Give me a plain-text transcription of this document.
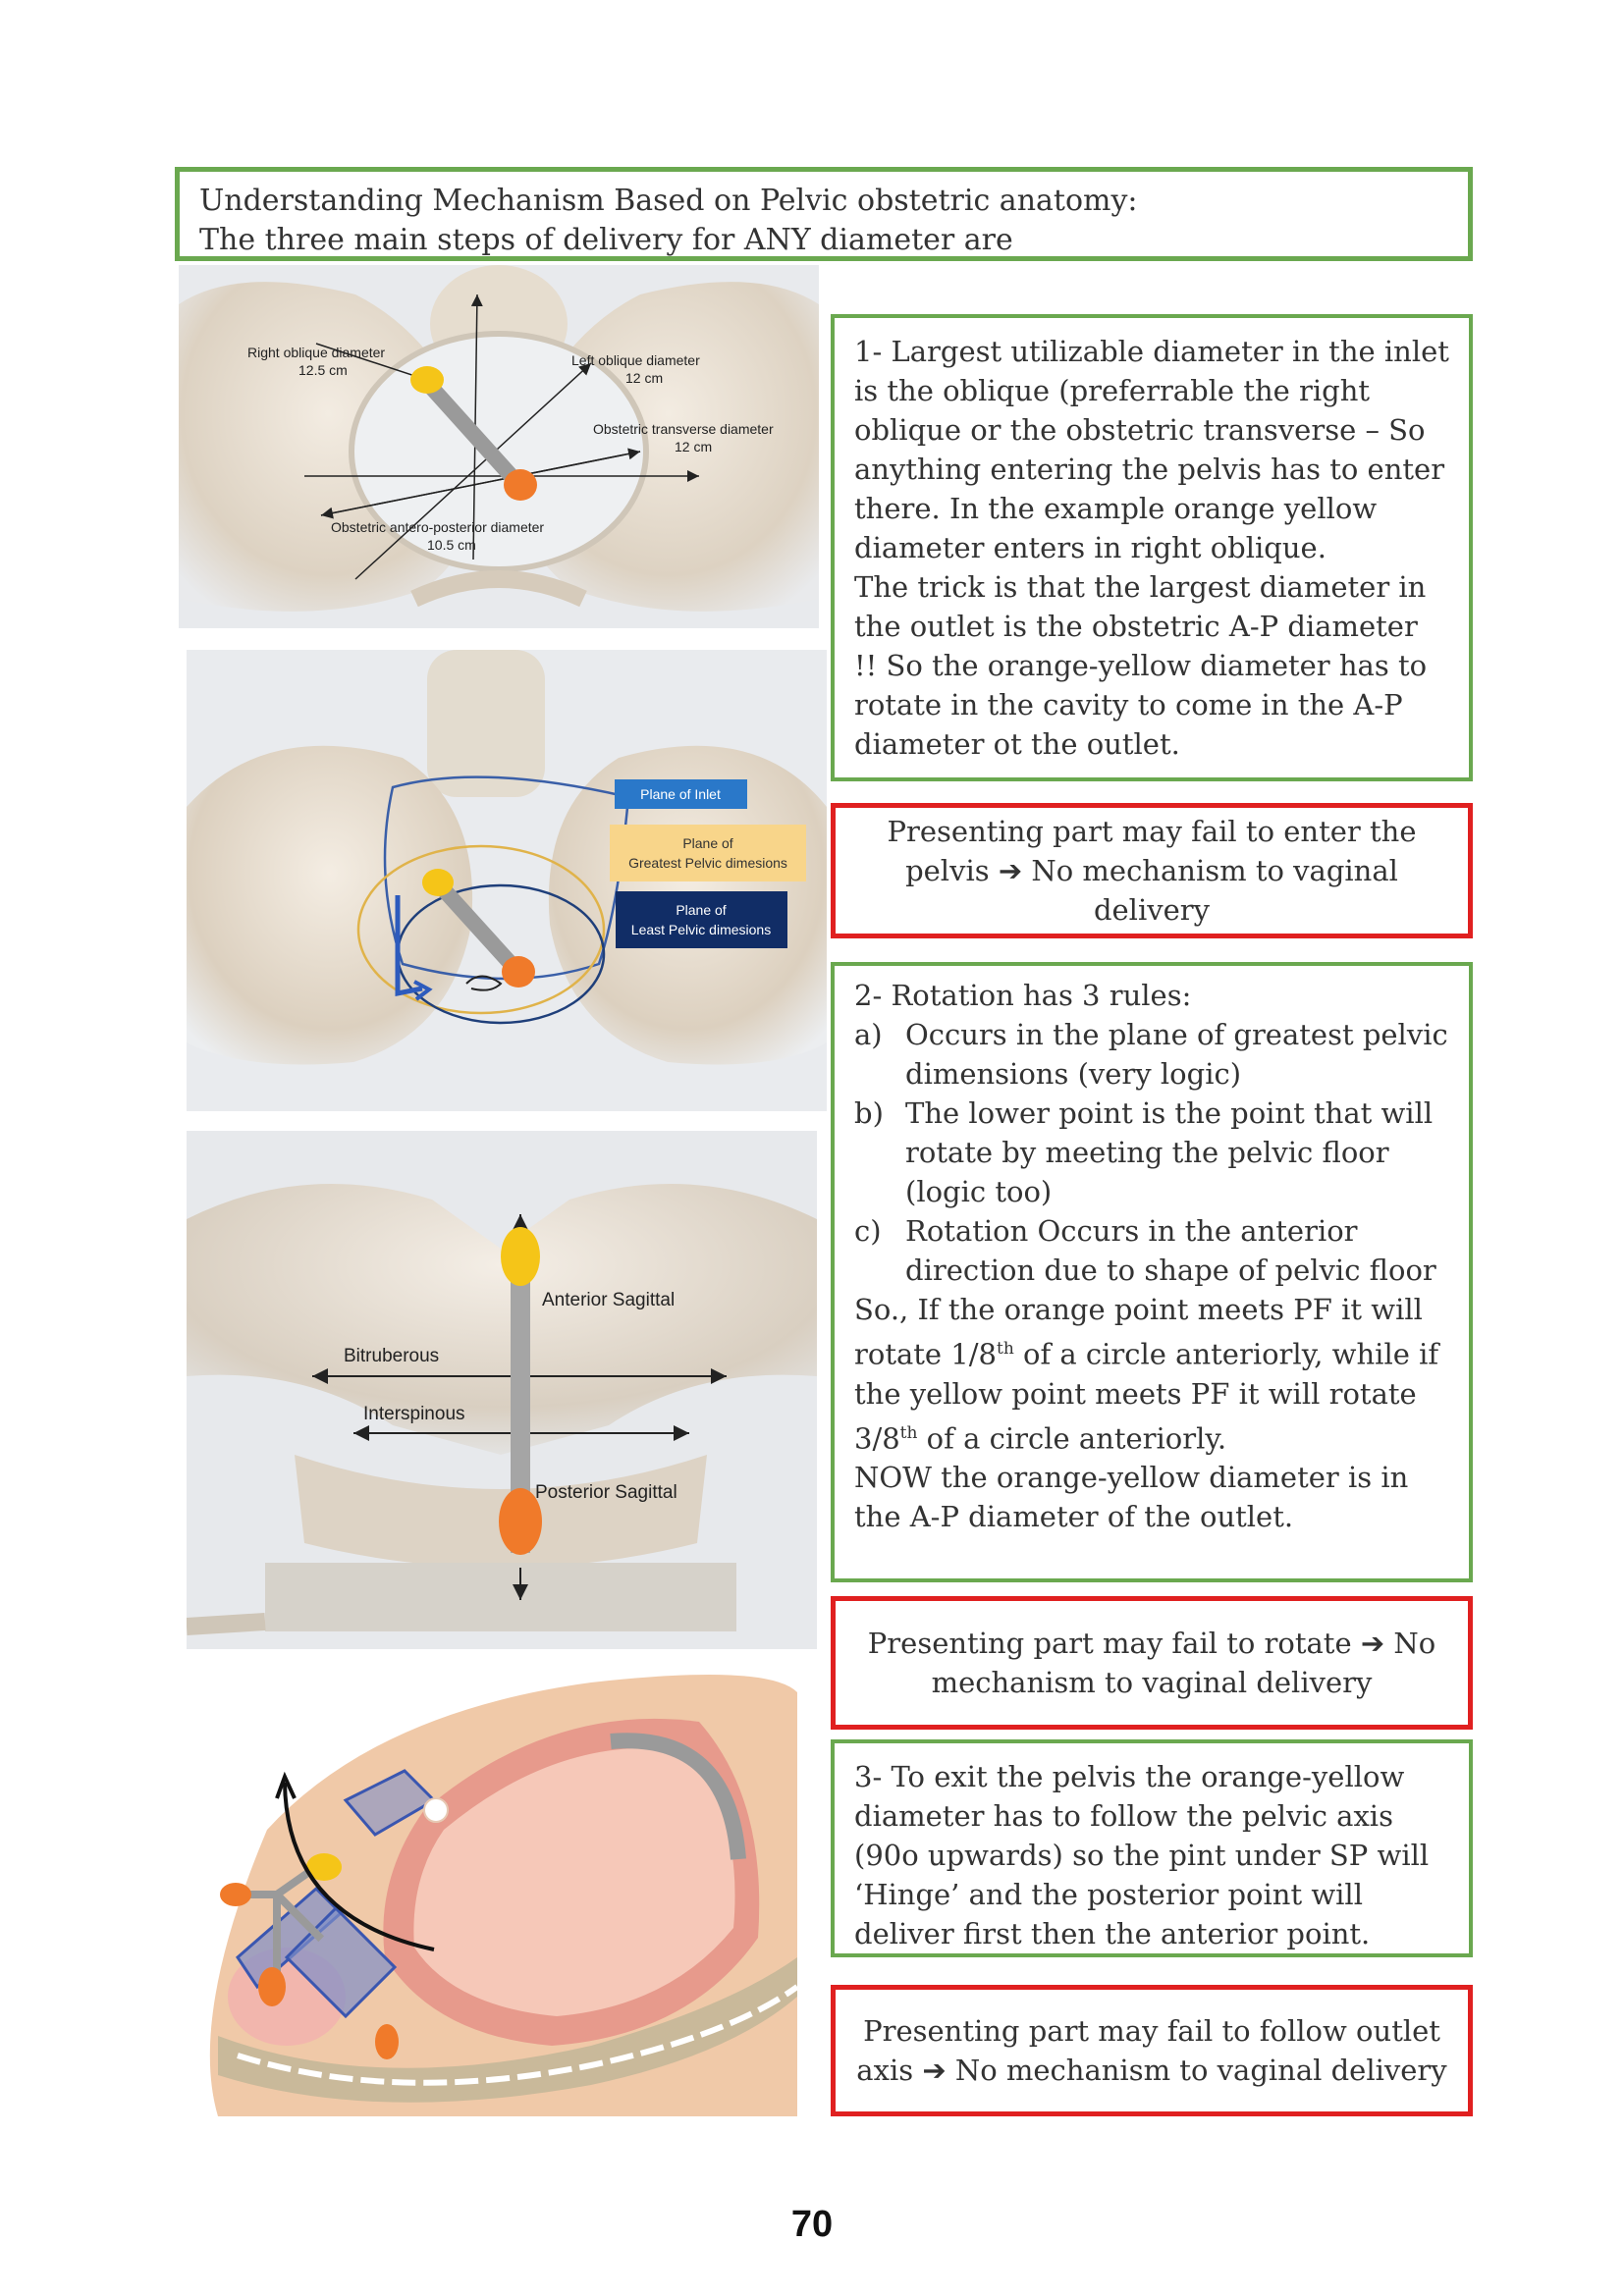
Understanding Mechanism Based on Pelvic obstetric anatomy:
The three main steps of delivery for ANY diameter are
Right oblique diameter
12.5 cm
Left oblique diameter
12 cm
Obstetric transverse diameter
12 cm
Obstetric antero-posterior diameter
10.5 cm
Plane of Inlet
Plane of
Greatest Pelvic dimesions
Plane of
Least Pelvic dimesions
Anterior Sagittal
Bitruberous
Interspinous
Posterior Sagittal
1- Largest utilizable diameter in the inlet is the oblique (preferrable the right oblique or the obstetric transverse – So anything entering the pelvis has to enter there. In the example orange yellow diameter enters in right oblique.
The trick is that the largest diameter in the outlet is the obstetric A-P diameter !! So the orange-yellow diameter has to rotate in the cavity to come in the A-P diameter ot the outlet.
Presenting part may fail to enter the pelvis ➔ No mechanism to vaginal delivery
2- Rotation has 3 rules:
a) Occurs in the plane of greatest pelvic dimensions (very logic)
b) The lower point is the point that will rotate by meeting the pelvic floor (logic too)
c) Rotation Occurs in the anterior direction due to shape of pelvic floor
So., If the orange point meets PF it will rotate 1/8th of a circle anteriorly, while if the yellow point meets PF it will rotate 3/8th of a circle anteriorly.
NOW the orange-yellow diameter is in the A-P diameter of the outlet.
Presenting part may fail to rotate ➔ No mechanism to vaginal delivery
3- To exit the pelvis the orange-yellow diameter has to follow the pelvic axis (90o upwards) so the pint under SP will ‘Hinge’ and the posterior point will deliver first then the anterior point.
Presenting part may fail to follow outlet axis ➔ No mechanism to vaginal delivery
70
